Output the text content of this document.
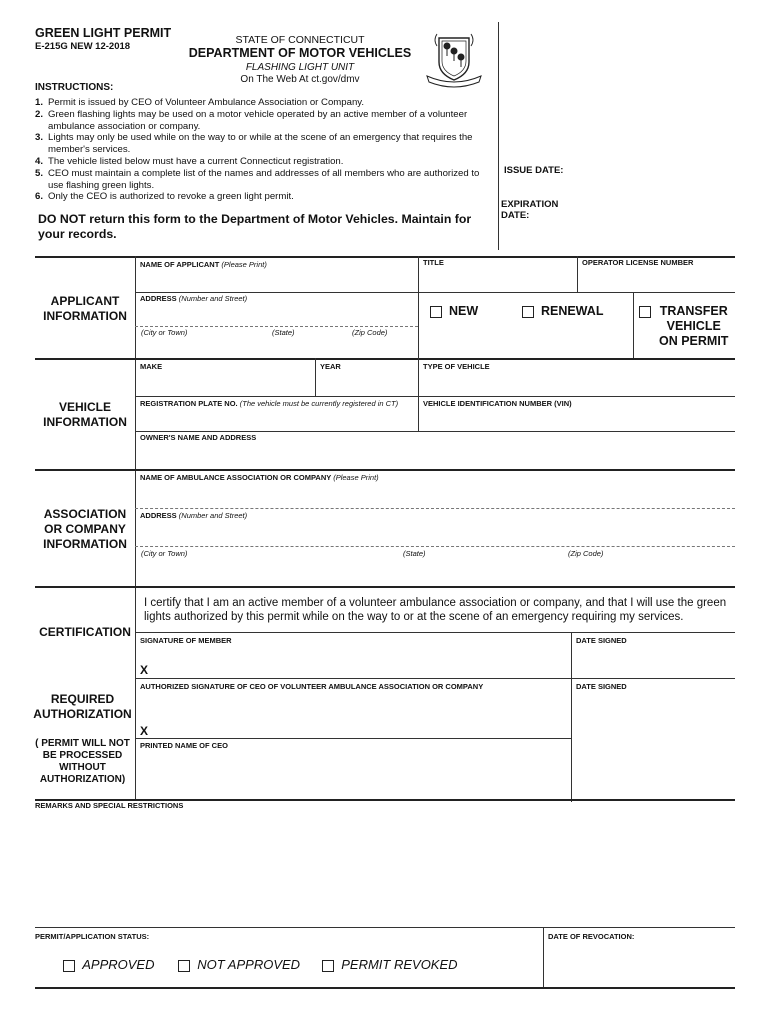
GREEN LIGHT PERMIT
E-215G NEW 12-2018
STATE OF CONNECTICUT
DEPARTMENT OF MOTOR VEHICLES
FLASHING LIGHT UNIT
On The Web At ct.gov/dmv
INSTRUCTIONS:
1. Permit is issued by CEO of Volunteer Ambulance Association or Company.
2. Green flashing lights may be used on a motor vehicle operated by an active member of a volunteer ambulance association or company.
3. Lights may only be used while on the way to or while at the scene of an emergency that requires the member's services.
4. The vehicle listed below must have a current Connecticut registration.
5. CEO must maintain a complete list of the names and addresses of all members who are authorized to use flashing green lights.
6. Only the CEO is authorized to revoke a green light permit.
DO NOT return this form to the Department of Motor Vehicles. Maintain for your records.
ISSUE DATE:
EXPIRATION
DATE:
NAME OF APPLICANT (Please Print)	TITLE	OPERATOR LICENSE NUMBER
ADDRESS (Number and Street)
(City or Town)	(State)	(Zip Code)
NEW	RENEWAL	TRANSFER
VEHICLE
ON PERMIT
APPLICANT
INFORMATION
MAKE	YEAR	TYPE OF VEHICLE
REGISTRATION PLATE NO. (The vehicle must be currently registered in CT)	VEHICLE IDENTIFICATION NUMBER (VIN)
OWNER'S NAME AND ADDRESS
VEHICLE
INFORMATION
NAME OF AMBULANCE ASSOCIATION OR COMPANY (Please Print)
ADDRESS (Number and Street)
(City or Town)	(State)	(Zip Code)
ASSOCIATION
OR COMPANY
INFORMATION
I certify that I am an active member of a volunteer ambulance association or company, and that I will use the green lights authorized by this permit while on the way to or at the scene of an emergency requiring my services.
CERTIFICATION
SIGNATURE OF MEMBER	DATE SIGNED
X
AUTHORIZED SIGNATURE OF CEO OF VOLUNTEER AMBULANCE ASSOCIATION OR COMPANY	DATE SIGNED
X
PRINTED NAME OF CEO
REQUIRED
AUTHORIZATION
( PERMIT WILL NOT
BE PROCESSED
WITHOUT
AUTHORIZATION)
REMARKS AND SPECIAL RESTRICTIONS
PERMIT/APPLICATION STATUS:	DATE OF REVOCATION:
APPROVED	NOT APPROVED	PERMIT REVOKED
